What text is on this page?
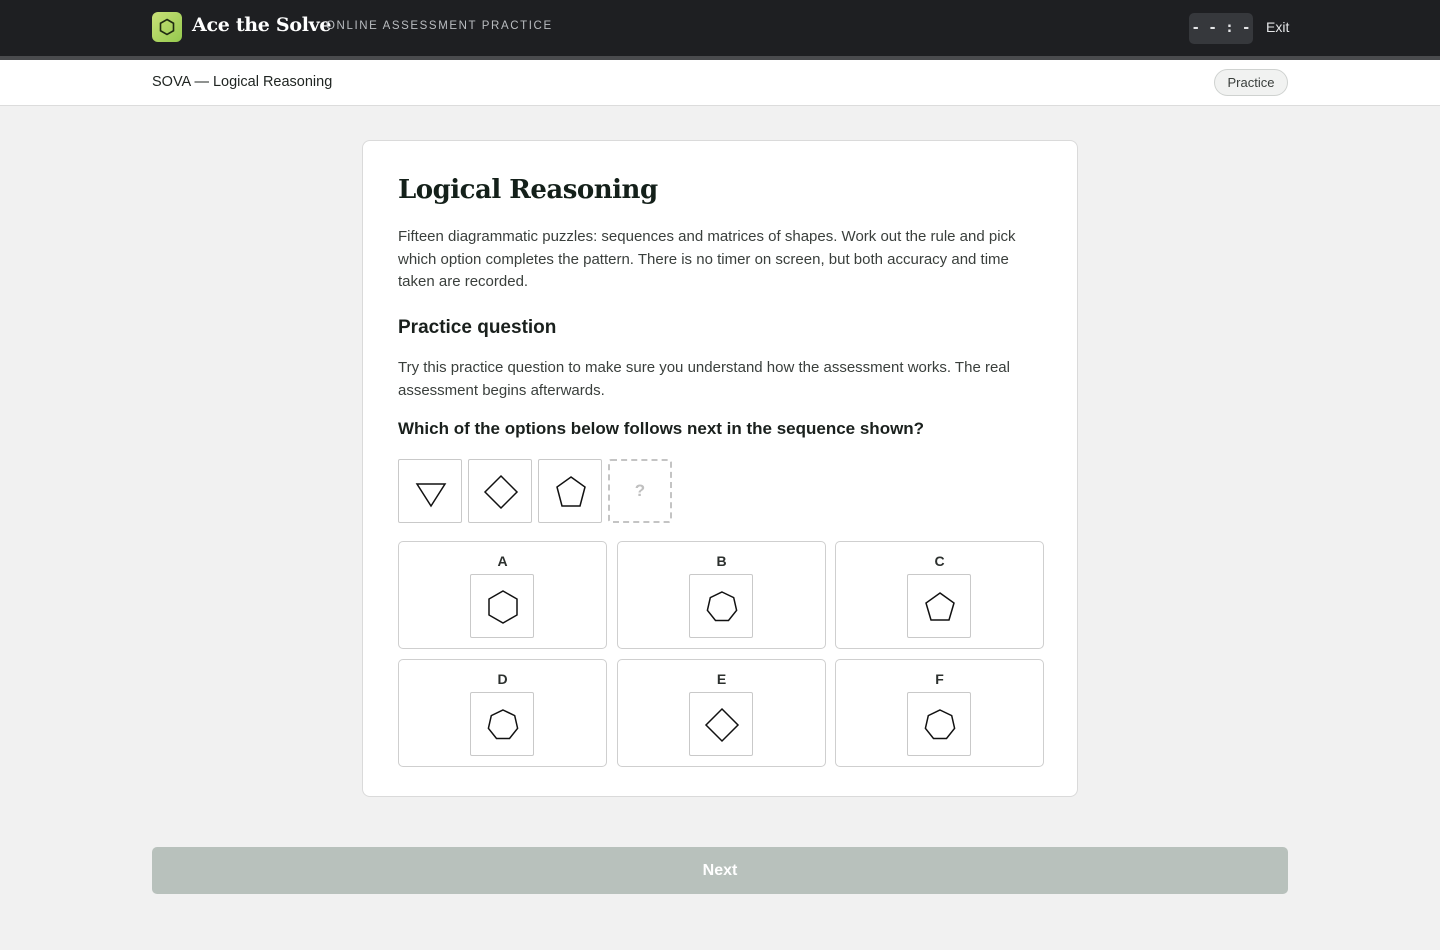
Ace the Solve
ONLINE ASSESSMENT PRACTICE	- - : - Exit
SOVA — Logical Reasoning	Practice
Logical Reasoning

Fifteen diagrammatic puzzles: sequences and matrices of shapes. Work out the rule and pick which option completes the pattern. There is no timer on screen, but both accuracy and time taken are recorded.

Practice question

Try this practice question to make sure you understand how the assessment works. The real assessment begins afterwards.

Which of the options below follows next in the sequence shown?
?
A	B	C
D	E	F
Next
